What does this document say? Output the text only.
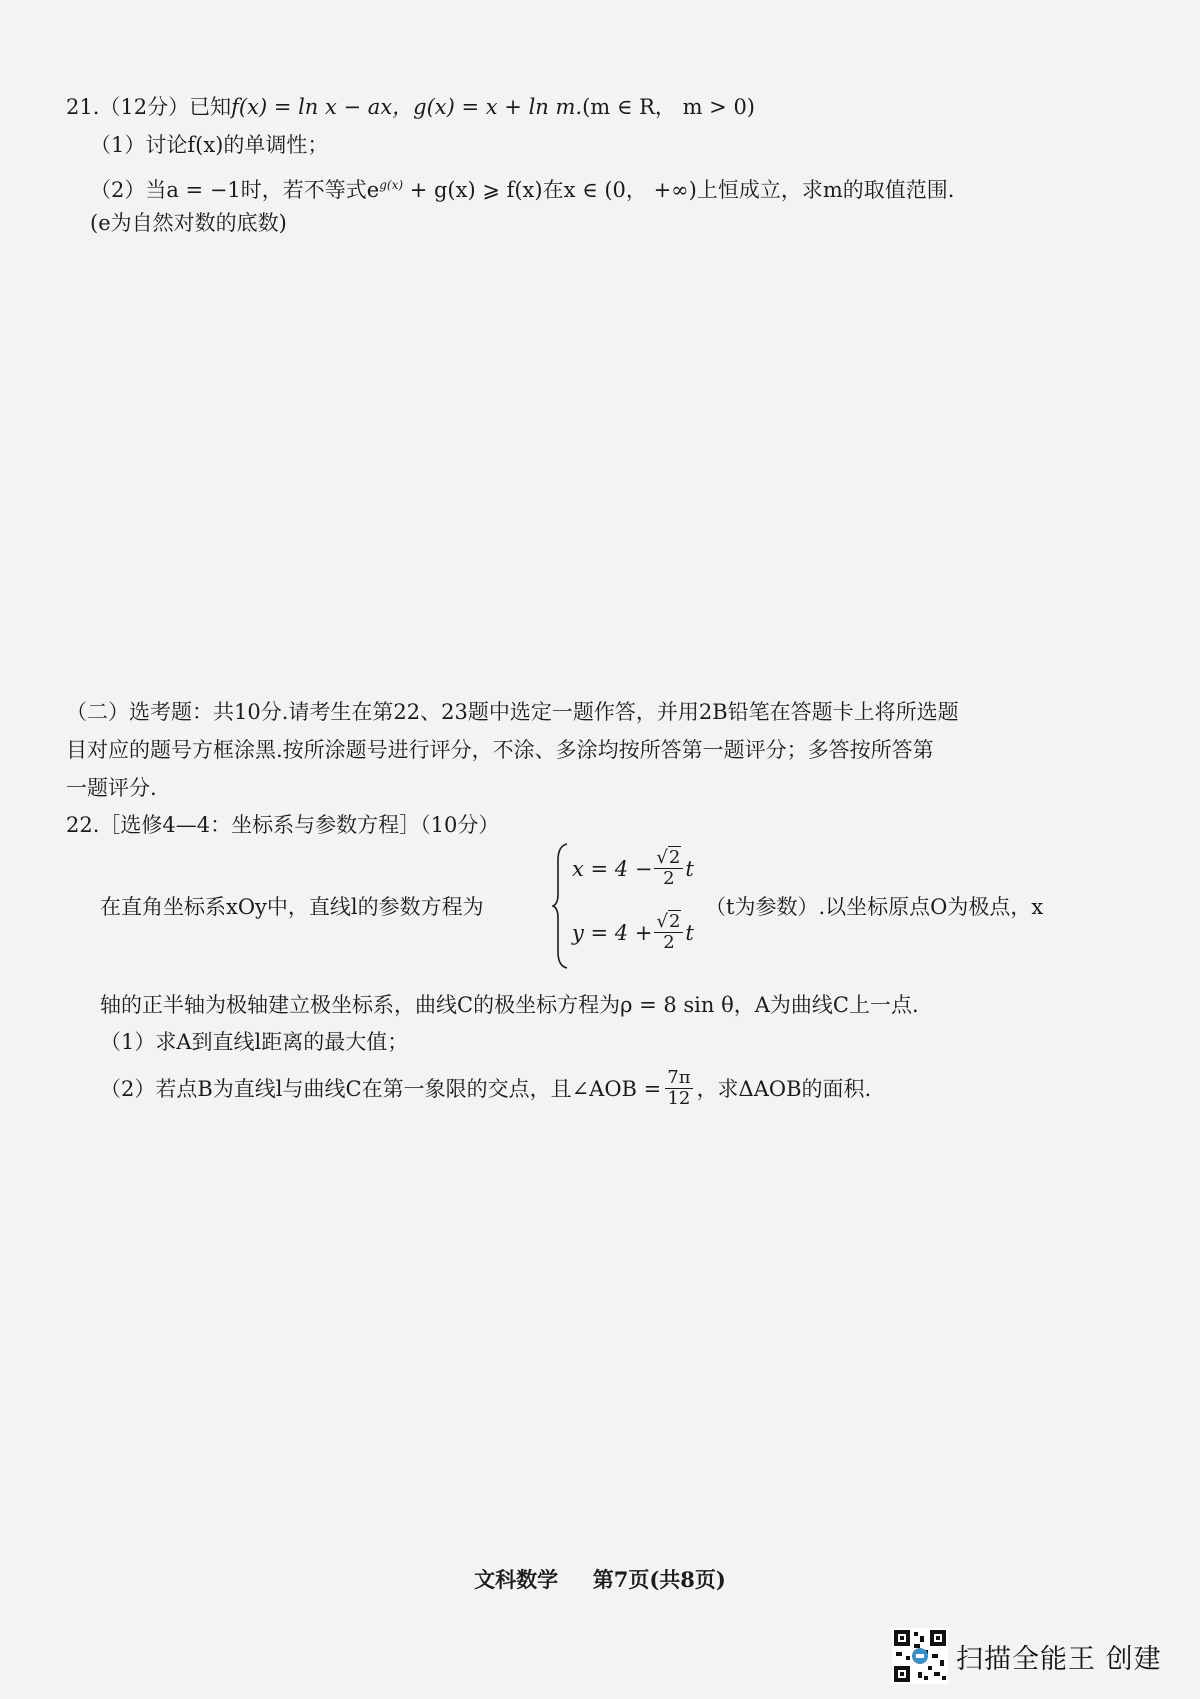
21.（12分）已知f(x) = ln x − ax，g(x) = x + ln m.(m ∈ R， m > 0)
（1）讨论f(x)的单调性；
（2）当a = −1时，若不等式$e^{g(x)} + g(x)$ ⩾ f(x)在x ∈ (0， +∞)上恒成立，求m的取值范围.
(e为自然对数的底数)
（二）选考题：共10分.请考生在第22、23题中选定一题作答，并用2B铅笔在答题卡上将所选题
目对应的题号方框涂黑.按所涂题号进行评分，不涂、多涂均按所答第一题评分；多答按所答第
一题评分.
22.［选修4—4：坐标系与参数方程］（10分）
在直角坐标系xOy中，直线l的参数方程为
$x = 4 - \frac{√2}{2}$ t
$y = 4 + \frac{√2}{2}$ t
（t为参数）.以坐标原点O为极点，x
轴的正半轴为极轴建立极坐标系，曲线C的极坐标方程为ρ = 8 sin θ，A为曲线C上一点.
（1）求A到直线l距离的最大值；
（2）若点B为直线l与曲线C在第一象限的交点，且∠AOB = $\frac{7\pi}{12}$ ，求ΔAOB的面积.
文科数学 第7页(共8页)
扫描全能王 创建
